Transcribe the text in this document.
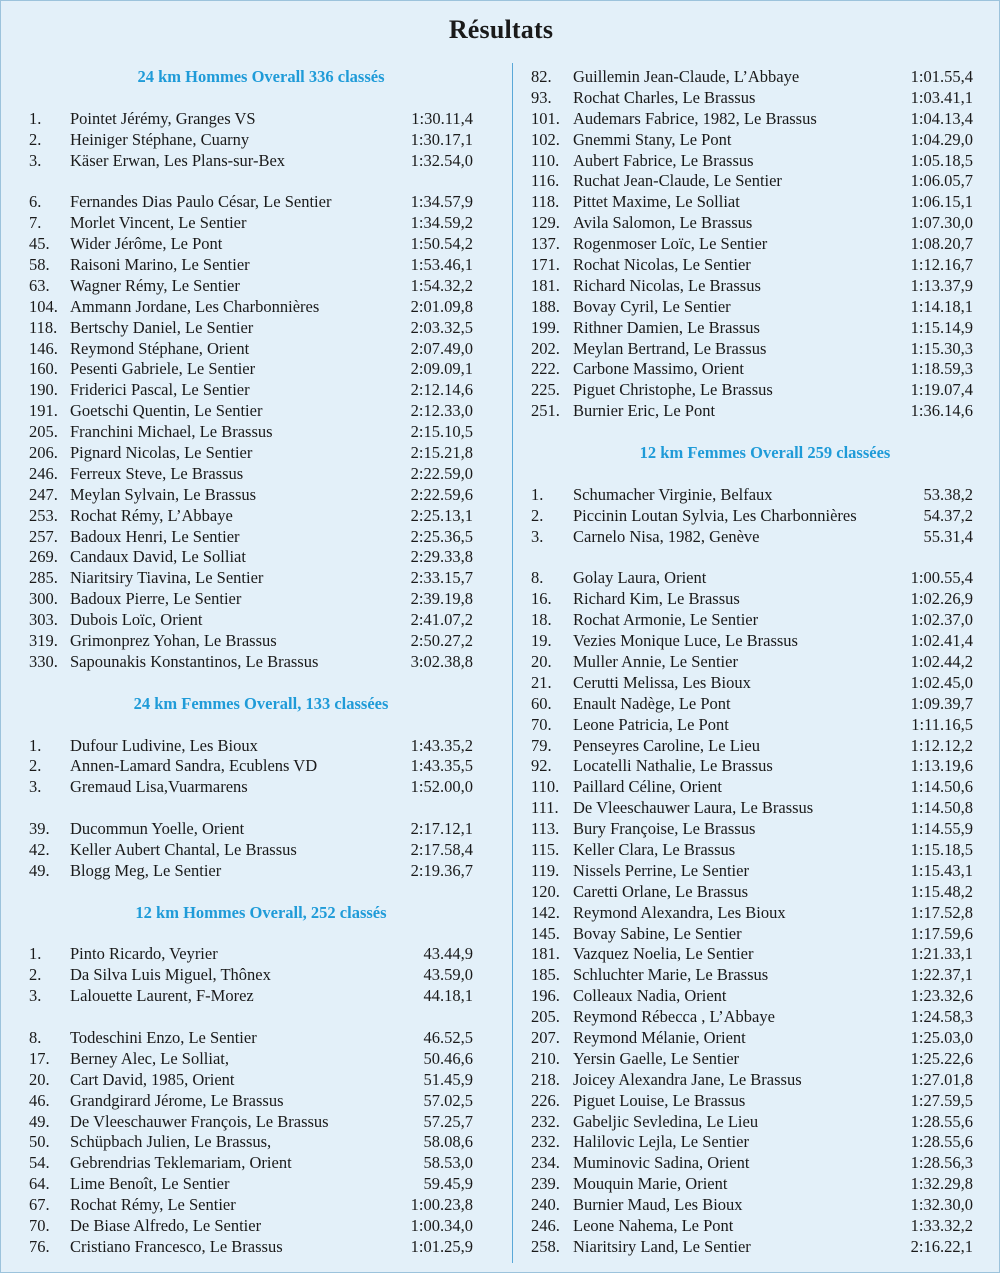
Résultats
24 km Hommes Overall 336 classés
1. Pointet Jérémy, Granges VS	1:30.11,4
2. Heiniger Stéphane, Cuarny	1:30.17,1
3. Käser Erwan, Les Plans-sur-Bex	1:32.54,0
6. Fernandes Dias Paulo César, Le Sentier	1:34.57,9
7. Morlet Vincent, Le Sentier	1:34.59,2
45. Wider Jérôme, Le Pont	1:50.54,2
58. Raisoni Marino, Le Sentier	1:53.46,1
63. Wagner Rémy, Le Sentier	1:54.32,2
104. Ammann Jordane, Les Charbonnières	2:01.09,8
118. Bertschy Daniel, Le Sentier	2:03.32,5
146. Reymond Stéphane, Orient	2:07.49,0
160. Pesenti Gabriele, Le Sentier	2:09.09,1
190. Friderici Pascal, Le Sentier	2:12.14,6
191. Goetschi Quentin, Le Sentier	2:12.33,0
205. Franchini Michael, Le Brassus	2:15.10,5
206. Pignard Nicolas, Le Sentier	2:15.21,8
246. Ferreux Steve, Le Brassus	2:22.59,0
247. Meylan Sylvain, Le Brassus	2:22.59,6
253. Rochat Rémy, L’Abbaye	2:25.13,1
257. Badoux Henri, Le Sentier	2:25.36,5
269. Candaux David, Le Solliat	2:29.33,8
285. Niaritsiry Tiavina, Le Sentier	2:33.15,7
300. Badoux Pierre, Le Sentier	2:39.19,8
303. Dubois Loïc, Orient	2:41.07,2
319. Grimonprez Yohan, Le Brassus	2:50.27,2
330. Sapounakis Konstantinos, Le Brassus	3:02.38,8
24 km Femmes Overall, 133 classées
1. Dufour Ludivine, Les Bioux	1:43.35,2
2. Annen-Lamard Sandra, Ecublens VD	1:43.35,5
3. Gremaud Lisa,Vuarmarens	1:52.00,0
39. Ducommun Yoelle, Orient	2:17.12,1
42. Keller Aubert Chantal, Le Brassus	2:17.58,4
49. Blogg Meg, Le Sentier	2:19.36,7
12 km Hommes Overall, 252 classés
1. Pinto Ricardo, Veyrier	43.44,9
2. Da Silva Luis Miguel, Thônex	43.59,0
3. Lalouette Laurent, F-Morez	44.18,1
8. Todeschini Enzo, Le Sentier	46.52,5
17. Berney Alec, Le Solliat,	50.46,6
20. Cart David, 1985, Orient	51.45,9
46. Grandgirard Jérome, Le Brassus	57.02,5
49. De Vleeschauwer François, Le Brassus	57.25,7
50. Schüpbach Julien, Le Brassus,	58.08,6
54. Gebrendrias Teklemariam, Orient	58.53,0
64. Lime Benoît, Le Sentier	59.45,9
67. Rochat Rémy, Le Sentier	1:00.23,8
70. De Biase Alfredo, Le Sentier	1:00.34,0
76. Cristiano Francesco, Le Brassus	1:01.25,9
82. Guillemin Jean-Claude, L’Abbaye	1:01.55,4
93. Rochat Charles, Le Brassus	1:03.41,1
101. Audemars Fabrice, 1982, Le Brassus	1:04.13,4
102. Gnemmi Stany, Le Pont	1:04.29,0
110. Aubert Fabrice, Le Brassus	1:05.18,5
116. Ruchat Jean-Claude, Le Sentier	1:06.05,7
118. Pittet Maxime, Le Solliat	1:06.15,1
129. Avila Salomon, Le Brassus	1:07.30,0
137. Rogenmoser Loïc, Le Sentier	1:08.20,7
171. Rochat Nicolas, Le Sentier	1:12.16,7
181. Richard Nicolas, Le Brassus	1:13.37,9
188. Bovay Cyril, Le Sentier	1:14.18,1
199. Rithner Damien, Le Brassus	1:15.14,9
202. Meylan Bertrand, Le Brassus	1:15.30,3
222. Carbone Massimo, Orient	1:18.59,3
225. Piguet Christophe, Le Brassus	1:19.07,4
251. Burnier Eric, Le Pont	1:36.14,6
12 km Femmes Overall 259 classées
1. Schumacher Virginie, Belfaux	53.38,2
2. Piccinin Loutan Sylvia, Les Charbonnières	54.37,2
3. Carnelo Nisa, 1982, Genève	55.31,4
8. Golay Laura, Orient	1:00.55,4
16. Richard Kim, Le Brassus	1:02.26,9
18. Rochat Armonie, Le Sentier	1:02.37,0
19. Vezies Monique Luce, Le Brassus	1:02.41,4
20. Muller Annie, Le Sentier	1:02.44,2
21. Cerutti Melissa, Les Bioux	1:02.45,0
60. Enault Nadège, Le Pont	1:09.39,7
70. Leone Patricia, Le Pont	1:11.16,5
79. Penseyres Caroline, Le Lieu	1:12.12,2
92. Locatelli Nathalie, Le Brassus	1:13.19,6
110. Paillard Céline, Orient	1:14.50,6
111. De Vleeschauwer Laura, Le Brassus	1:14.50,8
113. Bury Françoise, Le Brassus	1:14.55,9
115. Keller Clara, Le Brassus	1:15.18,5
119. Nissels Perrine, Le Sentier	1:15.43,1
120. Caretti Orlane, Le Brassus	1:15.48,2
142. Reymond Alexandra, Les Bioux	1:17.52,8
145. Bovay Sabine, Le Sentier	1:17.59,6
181. Vazquez Noelia, Le Sentier	1:21.33,1
185. Schluchter Marie, Le Brassus	1:22.37,1
196. Colleaux Nadia, Orient	1:23.32,6
205. Reymond Rébecca , L’Abbaye	1:24.58,3
207. Reymond Mélanie, Orient	1:25.03,0
210. Yersin Gaelle, Le Sentier	1:25.22,6
218. Joicey Alexandra Jane, Le Brassus	1:27.01,8
226. Piguet Louise, Le Brassus	1:27.59,5
232. Gabeljic Sevledina, Le Lieu	1:28.55,6
232. Halilovic Lejla, Le Sentier	1:28.55,6
234. Muminovic Sadina, Orient	1:28.56,3
239. Mouquin Marie, Orient	1:32.29,8
240. Burnier Maud, Les Bioux	1:32.30,0
246. Leone Nahema, Le Pont	1:33.32,2
258. Niaritsiry Land, Le Sentier	2:16.22,1
